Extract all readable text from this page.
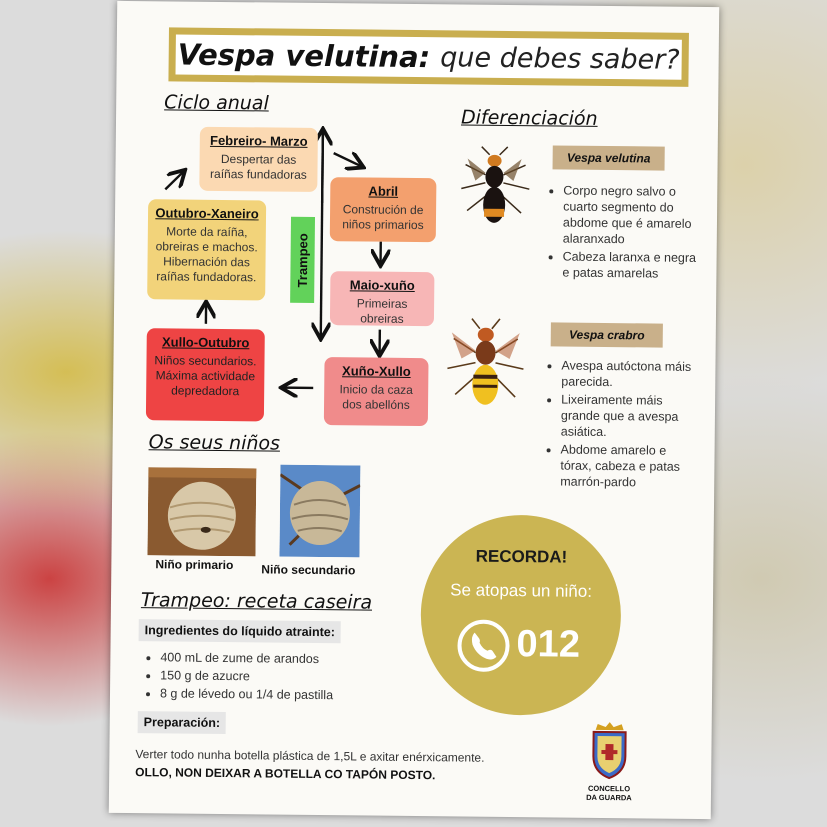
Vespa velutina: que debes saber?
Ciclo anual
Febreiro- Marzo
Despertar das raíñas fundadoras
Abril
Construción de niños primarios
Maio-xuño
Primeiras obreiras
Xuño-Xullo
Inicio da caza dos abellóns
Xullo-Outubro
Niños secundarios. Máxima actividade depredadora
Outubro-Xaneiro
Morte da raíña, obreiras e machos. Hibernación das raíñas fundadoras.	Trampeo
Diferenciación
Vespa velutina
• Corpo negro salvo o cuarto segmento do abdome que é amarelo alaranxado
• Cabeza laranxa e negra e patas amarelas
Vespa crabro
• Avespa autóctona máis parecida.
• Lixeiramente máis grande que a avespa asiática.
• Abdome amarelo e tórax, cabeza e patas marrón-pardo
Os seus niños
Niño primario Niño secundario
RECORDA!
Se atopas un niño:
012
Trampeo: receta caseira
Ingredientes do líquido atrainte:
• 400 mL de zume de arandos
• 150 g de azucre
• 8 g de lévedo ou 1/4 de pastilla
Preparación:
Verter todo nunha botella plástica de 1,5L e axitar enérxicamente.
OLLO, NON DEIXAR A BOTELLA CO TAPÓN POSTO.
CONCELLO
DA GUARDA
